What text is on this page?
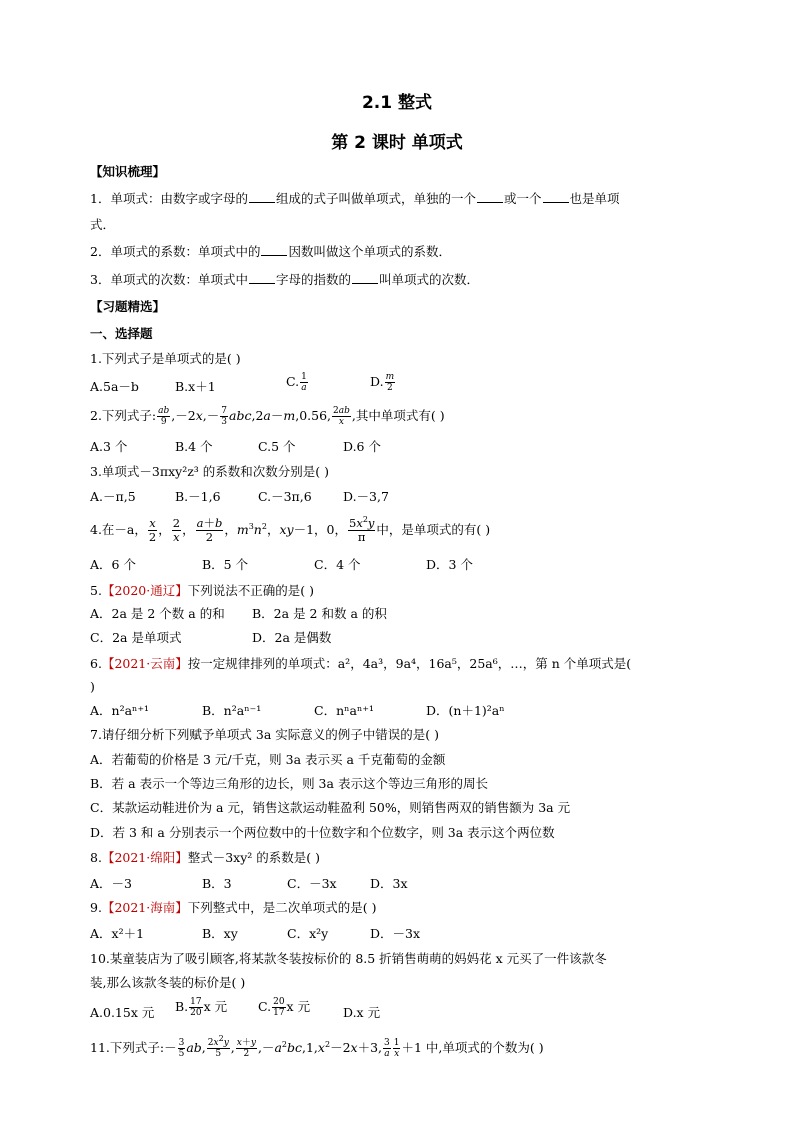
2.1 整式
第 2 课时 单项式
【知识梳理】
1．单项式：由数字或字母的 组成的式子叫做单项式，单独的一个 或一个 也是单项
式．
2．单项式的系数：单项式中的 因数叫做这个单项式的系数．
3．单项式的次数：单项式中 字母的指数的 叫单项式的次数．
【习题精选】
一、选择题
1.下列式子是单项式的是( )
A.5a－b	B.x＋1	C. $\frac{1}{a}$	D. $\frac{m}{2}$
2.下列式子: $\frac{ab}{9} ,-2x,- \frac{7}{3} abc,2a-m,0.56$, $\frac{2ab}{x}$ ,其中单项式有( )
A.3 个	B.4 个	C.5 个	D.6 个
3.单项式－3πxy²z³ 的系数和次数分别是( )
A.－π,5	B.－1,6	C.－3π,6	D.－3,7
4.在－a， $\frac{x}{2}$ ， $\frac{2}{x}$ ， $\frac{a+b}{2}$ ，$m^3n^2$，xy－1，0， $\frac{5x^2y}{\pi}$ 中，是单项式的有( )
A．6 个	B．5 个	C．4 个	D．3 个
5.【2020·通辽】下列说法不正确的是( )
A．2a 是 2 个数 a 的和 B．2a 是 2 和数 a 的积
C．2a 是单项式	D．2a 是偶数
6.【2021·云南】按一定规律排列的单项式：a²，4a³，9a⁴，16a⁵，25a⁶，…，第 n 个单项式是(
)
A．n²aⁿ⁺¹	B．n²aⁿ⁻¹	C．nⁿaⁿ⁺¹	D．(n＋1)²aⁿ
7.请仔细分析下列赋予单项式 3a 实际意义的例子中错误的是( )
A．若葡萄的价格是 3 元/千克，则 3a 表示买 a 千克葡萄的金额
B．若 a 表示一个等边三角形的边长，则 3a 表示这个等边三角形的周长
C．某款运动鞋进价为 a 元，销售这款运动鞋盈利 50%，则销售两双的销售额为 3a 元
D．若 3 和 a 分别表示一个两位数中的十位数字和个位数字，则 3a 表示这个两位数
8.【2021·绵阳】整式－3xy² 的系数是( )
A．－3	B．3	C．－3x	D．3x
9.【2021·海南】下列整式中，是二次单项式的是( )
A．x²＋1	B．xy	C．x²y	D．－3x
10.某童装店为了吸引顾客,将某款冬装按标价的 8.5 折销售萌萌的妈妈花 x 元买了一件该款冬
装,那么该款冬装的标价是( )
A.0.15x 元 B. $\frac{17}{20}$ x 元 C. $\frac{20}{17}$ x 元	D.x 元
11.下列式子:－ $\frac{3}{5}$ ab, $\frac{2x^2y}{5}$ , $\frac{x+y}{2} ,-a^2bc,1,x^2-2x+3$, $\frac{3}{a} \frac{1}{x} +1$ 中,单项式的个数为( )
